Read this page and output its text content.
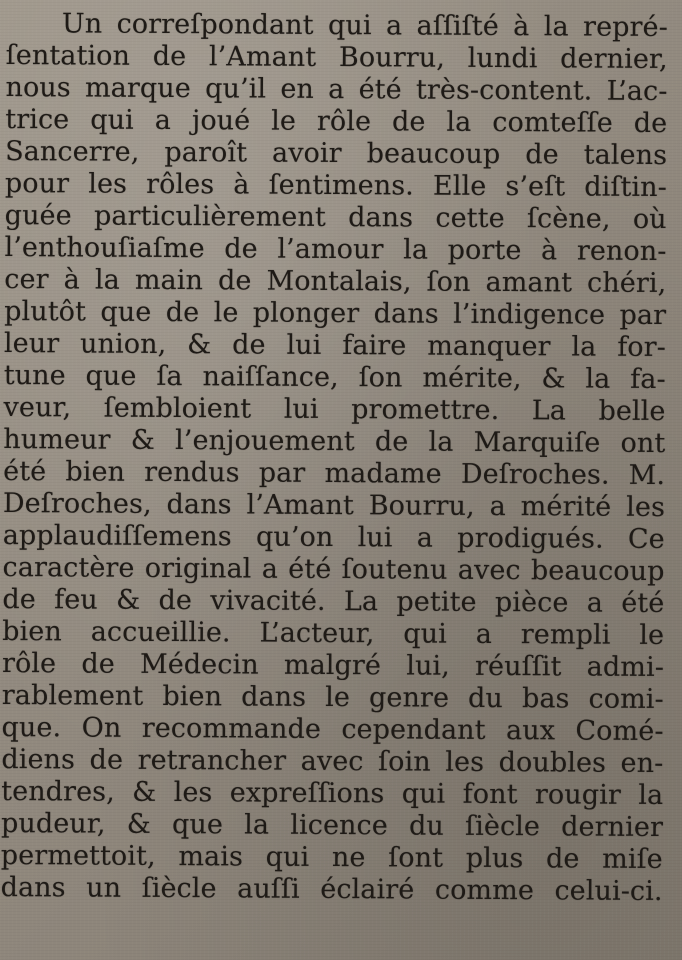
Un correſpondant qui a aſſiſté à la repré-
ſentation de l’Amant Bourru, lundi dernier,
nous marque qu’il en a été très-content. L’ac-
trice qui a joué le rôle de la comteſſe de
Sancerre, paroît avoir beaucoup de talens
pour les rôles à ſentimens. Elle s’eſt diſtin-
guée particulièrement dans cette ſcène, où
l’enthouſiaſme de l’amour la porte à renon-
cer à la main de Montalais, ſon amant chéri,
plutôt que de le plonger dans l’indigence par
leur union, & de lui faire manquer la for-
tune que ſa naiſſance, ſon mérite, & la fa-
veur, ſembloient lui promettre. La belle
humeur & l’enjouement de la Marquiſe ont
été bien rendus par madame Deſroches. M.
Deſroches, dans l’Amant Bourru, a mérité les
applaudiſſemens qu’on lui a prodigués. Ce
caractère original a été ſoutenu avec beaucoup
de feu & de vivacité. La petite pièce a été
bien accueillie. L’acteur, qui a rempli le
rôle de Médecin malgré lui, réuſſit admi-
rablement bien dans le genre du bas comi-
que. On recommande cependant aux Comé-
diens de retrancher avec ſoin les doubles en-
tendres, & les expreſſions qui font rougir la
pudeur, & que la licence du ſiècle dernier
permettoit, mais qui ne ſont plus de miſe
dans un ſiècle auſſi éclairé comme celui-ci.
